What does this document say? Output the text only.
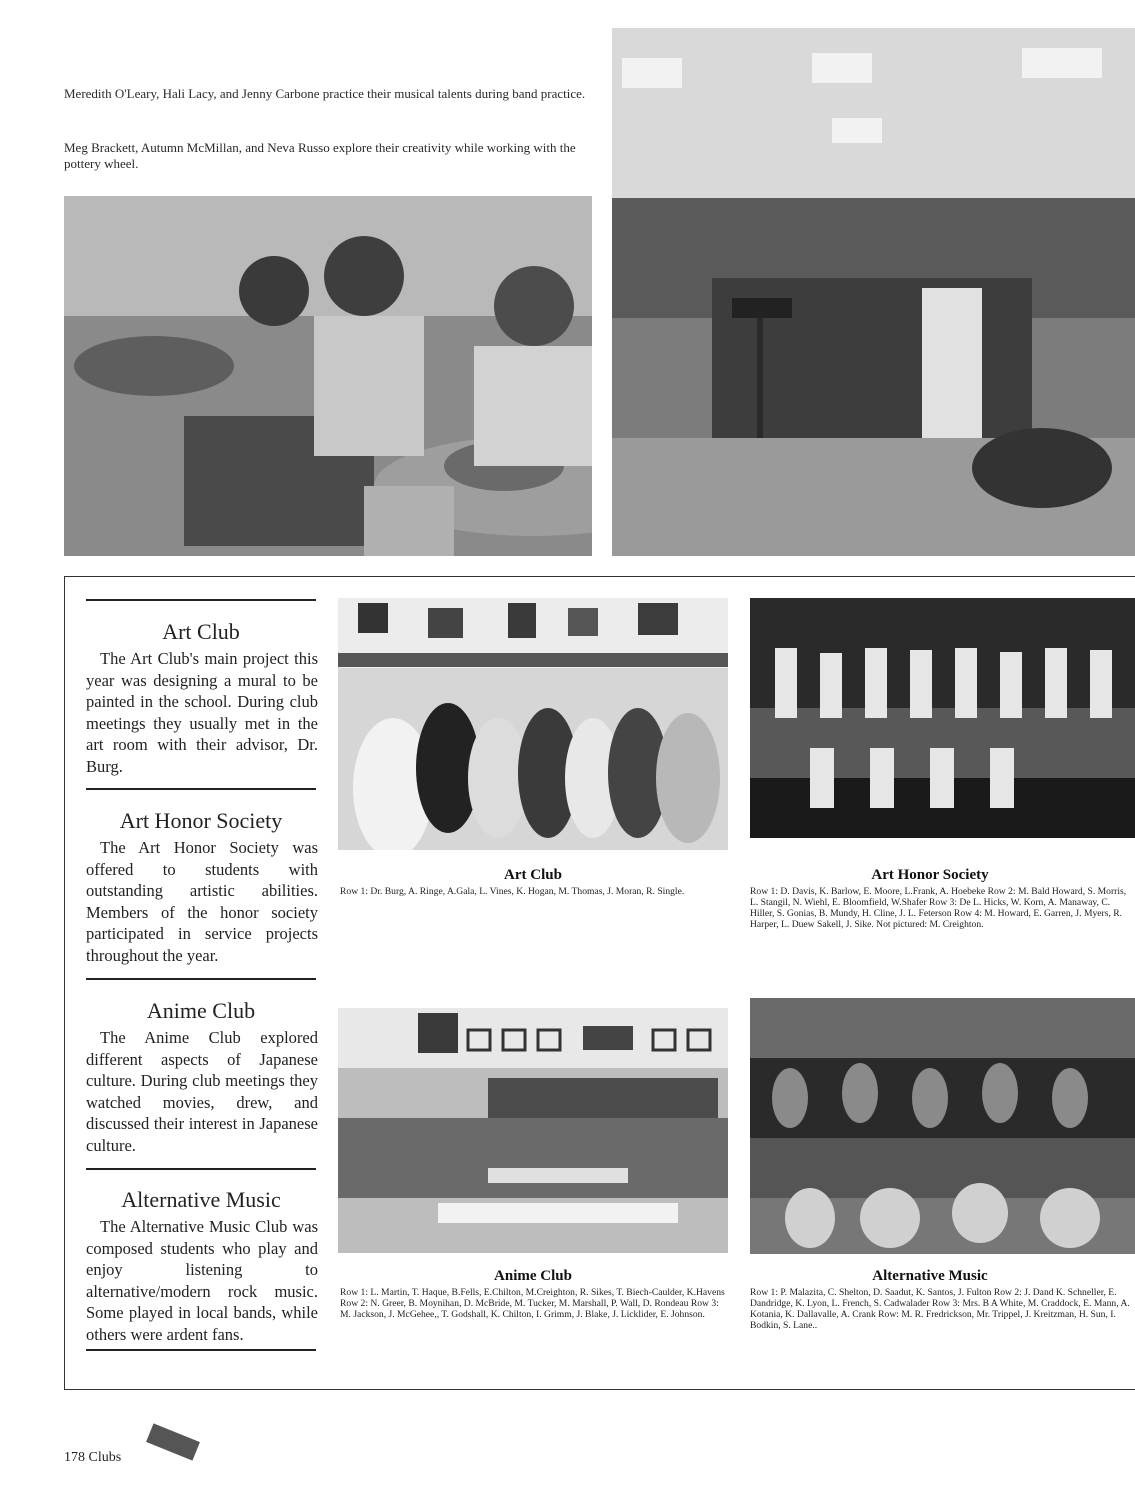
Meredith O'Leary, Hali Lacy, and Jenny Carbone practice their musical talents during band practice.
Meg Brackett, Autumn McMillan, and Neva Russo explore their creativity while working with the pottery wheel.
Art Club
The Art Club's main project this year was designing a mural to be painted in the school. During club meetings they usually met in the art room with their advisor, Dr. Burg.
Art Honor Society
The Art Honor Society was offered to students with outstanding artistic abilities. Members of the honor society participated in service projects throughout the year.
Anime Club
The Anime Club explored different aspects of Japanese culture. During club meetings they watched movies, drew, and discussed their interest in Japanese culture.
Alternative Music
The Alternative Music Club was composed students who play and enjoy listening to alternative/modern rock music. Some played in local bands, while others were ardent fans.
Art Club
Row 1: Dr. Burg, A. Ringe, A.Gala, L. Vines, K. Hogan, M. Thomas, J. Moran, R. Single.
Art Honor Society
Row 1: D. Davis, K. Barlow, E. Moore, L.Frank, A. Hoebeke Row 2: M. Bald Howard, S. Morris, L. Stangil, N. Wiehl, E. Bloomfield, W.Shafer Row 3: De L. Hicks, W. Korn, A. Manaway, C. Hiller, S. Gonias, B. Mundy, H. Cline, J. L. Feterson Row 4: M. Howard, E. Garren, J. Myers, R. Harper, L. Duew Sakell, J. Sike. Not pictured: M. Creighton.
Anime Club
Row 1: L. Martin, T. Haque, B.Fells, E.Chilton, M.Creighton, R. Sikes, T. Biech-Caulder, K.Havens Row 2: N. Greer, B. Moynihan, D. McBride, M. Tucker, M. Marshall, P. Wall, D. Rondeau Row 3: M. Jackson, J. McGehee,, T. Godshall, K. Chilton, I. Grimm, J. Blake, J. Licklider, E. Johnson.
Alternative Music
Row 1: P. Malazita, C. Shelton, D. Saadut, K. Santos, J. Fulton Row 2: J. Dand K. Schneller, E. Dandridge, K. Lyon, L. French, S. Cadwalader Row 3: Mrs. B A White, M. Craddock, E. Mann, A. Kotania, K. Dallavalle, A. Crank Row: M. R. Fredrickson, Mr. Trippel, J. Kreitzman, H. Sun, I. Bodkin, S. Lane..
178 Clubs
